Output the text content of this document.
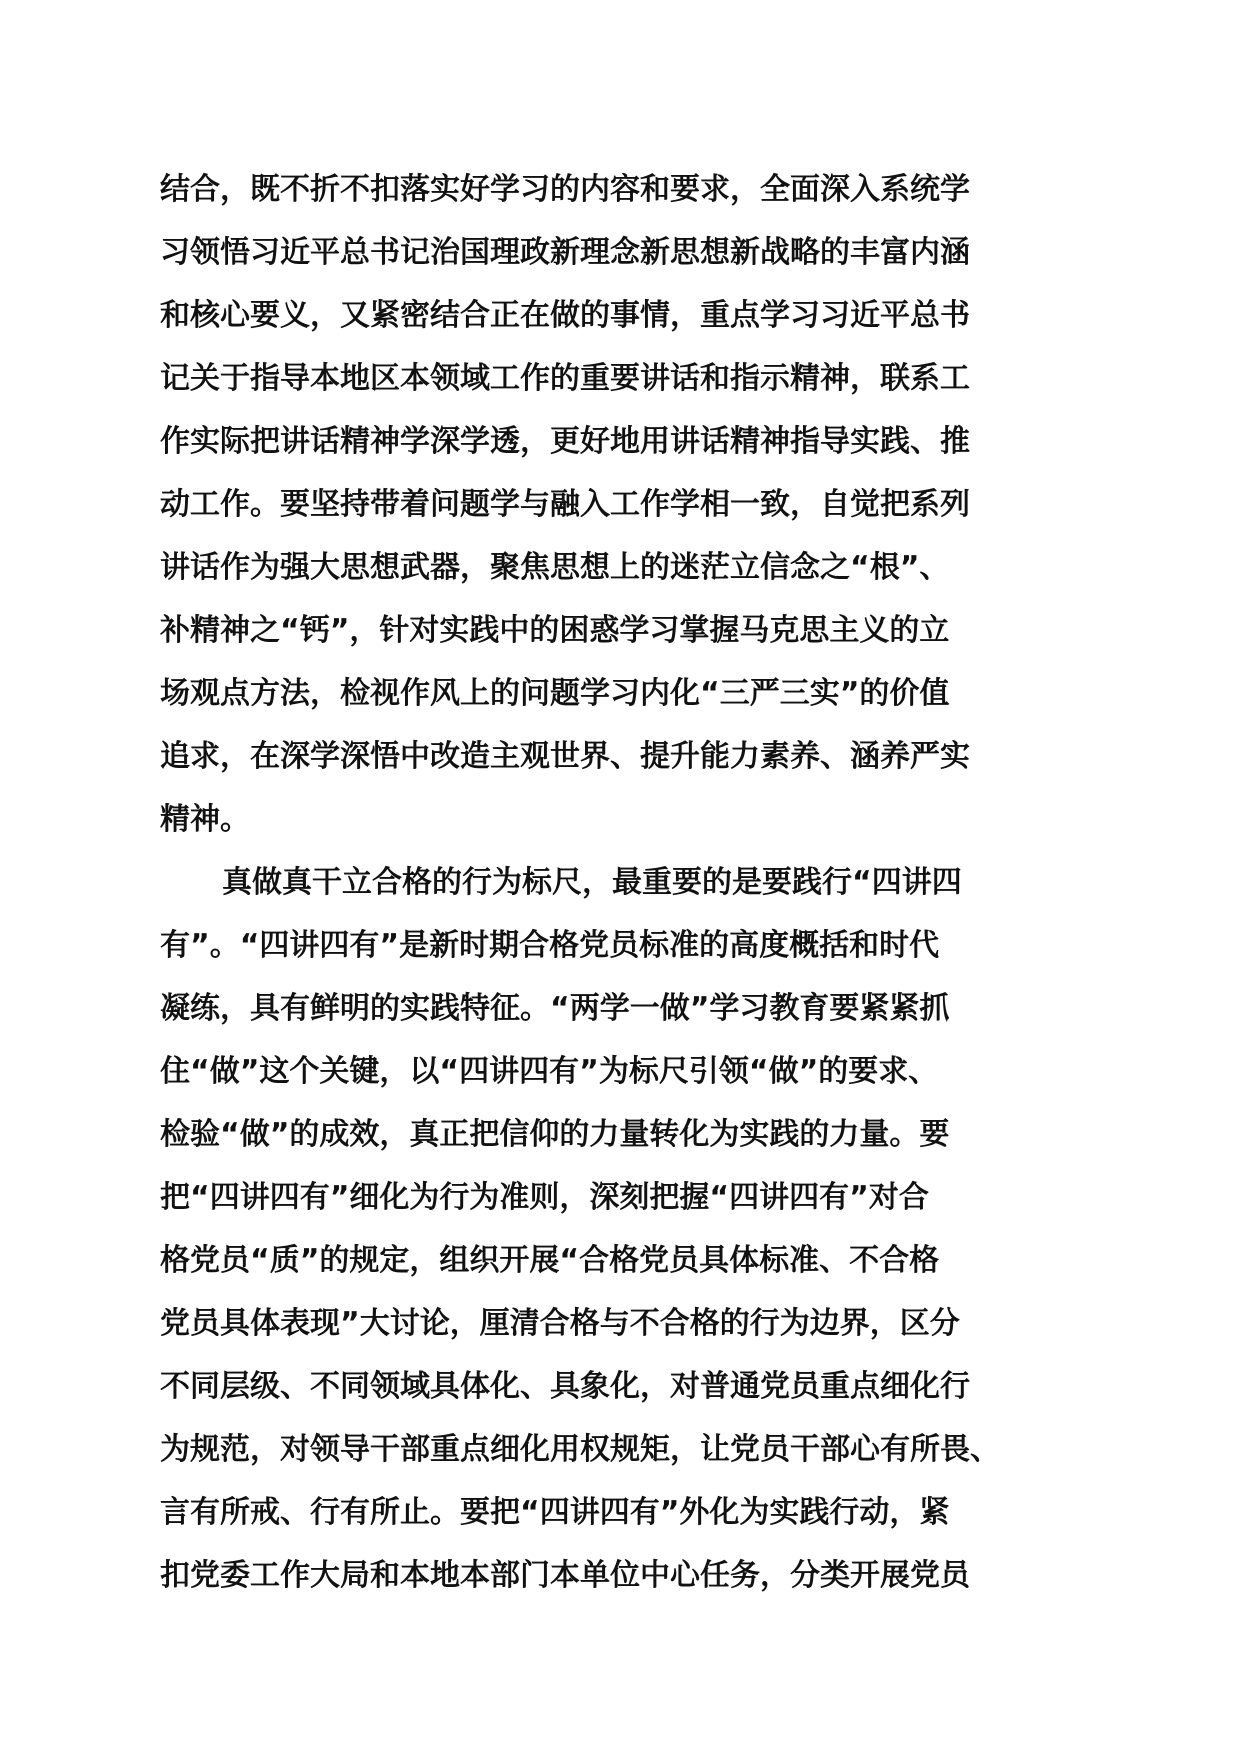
结合，既不折不扣落实好学习的内容和要求，全面深入系统学
习领悟习近平总书记治国理政新理念新思想新战略的丰富内涵
和核心要义，又紧密结合正在做的事情，重点学习习近平总书
记关于指导本地区本领域工作的重要讲话和指示精神，联系工
作实际把讲话精神学深学透，更好地用讲话精神指导实践、推
动工作。要坚持带着问题学与融入工作学相一致，自觉把系列
讲话作为强大思想武器，聚焦思想上的迷茫立信念之“根”、
补精神之“钙”，针对实践中的困惑学习掌握马克思主义的立
场观点方法，检视作风上的问题学习内化“三严三实”的价值
追求，在深学深悟中改造主观世界、提升能力素养、涵养严实
精神。
真做真干立合格的行为标尺，最重要的是要践行“四讲四
有”。“四讲四有”是新时期合格党员标准的高度概括和时代
凝练，具有鲜明的实践特征。“两学一做”学习教育要紧紧抓
住“做”这个关键，以“四讲四有”为标尺引领“做”的要求、
检验“做”的成效，真正把信仰的力量转化为实践的力量。要
把“四讲四有”细化为行为准则，深刻把握“四讲四有”对合
格党员“质”的规定，组织开展“合格党员具体标准、不合格
党员具体表现”大讨论，厘清合格与不合格的行为边界，区分
不同层级、不同领域具体化、具象化，对普通党员重点细化行
为规范，对领导干部重点细化用权规矩，让党员干部心有所畏、
言有所戒、行有所止。要把“四讲四有”外化为实践行动，紧
扣党委工作大局和本地本部门本单位中心任务，分类开展党员
